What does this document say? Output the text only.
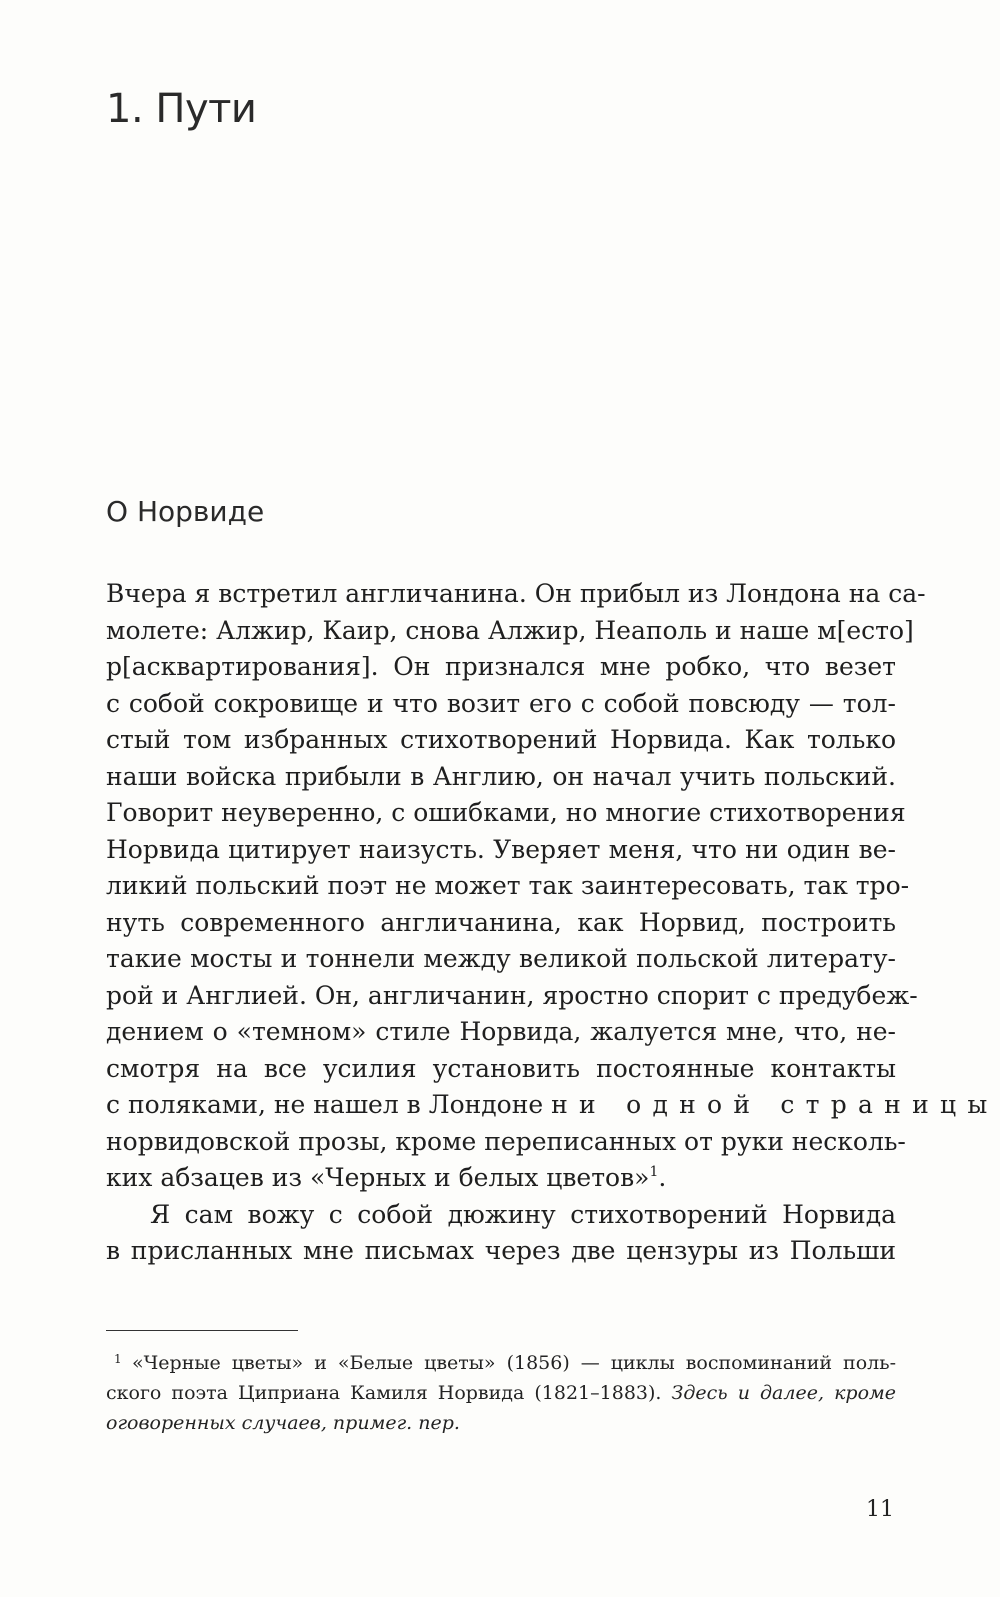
1. Пути
О Норвиде
Вчера я встретил англичанина. Он прибыл из Лондона на са-
молете: Алжир, Каир, снова Алжир, Неаполь и наше м[есто]
р[асквартирования]. Он признался мне робко, что везет
с собой сокровище и что возит его с собой повсюду — тол-
стый том избранных стихотворений Норвида. Как только
наши войска прибыли в Англию, он начал учить польский.
Говорит неуверенно, с ошибками, но многие стихотворения
Норвида цитирует наизусть. Уверяет меня, что ни один ве-
ликий польский поэт не может так заинтересовать, так тро-
нуть современного англичанина, как Норвид, построить
такие мосты и тоннели между великой польской литерату-
рой и Англией. Он, англичанин, яростно спорит с предубеж-
дением о «темном» стиле Норвида, жалуется мне, что, не-
смотря на все усилия установить постоянные контакты
с поляками, не нашел в Лондоне ни одной страницы
норвидовской прозы, кроме переписанных от руки несколь-
ких абзацев из «Черных и белых цветов»$^1$.
Я сам вожу с собой дюжину стихотворений Норвида
в присланных мне письмах через две цензуры из Польши
1 «Черные цветы» и «Белые цветы» (1856) — циклы воспоминаний поль-
ского поэта Циприана Камиля Норвида (1821–1883). Здесь и далее, кроме
оговоренных случаев, примег. пер.
11
